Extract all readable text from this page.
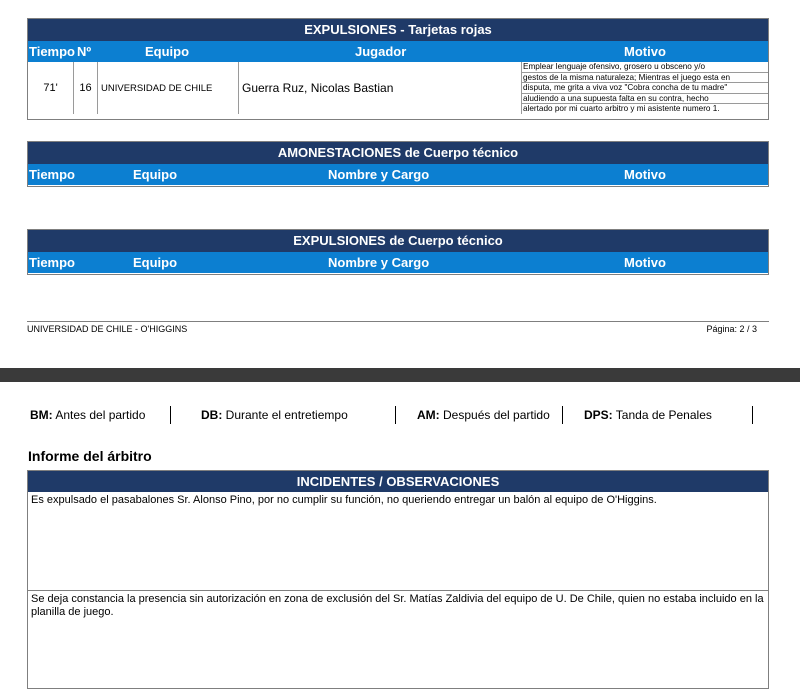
EXPULSIONES - Tarjetas rojas
Tiempo Nº	Equipo	Jugador	Motivo
71'	16 UNIVERSIDAD DE CHILE	Guerra Ruz, Nicolas Bastian
Emplear lenguaje ofensivo, grosero u obsceno y/o
gestos de la misma naturaleza; Mientras el juego esta en
disputa, me grita a viva voz "Cobra concha de tu madre"
aludiendo a una supuesta falta en su contra, hecho
alertado por mi cuarto arbitro y mi asistente numero 1.
AMONESTACIONES de Cuerpo técnico
Tiempo	Equipo	Nombre y Cargo	Motivo
EXPULSIONES de Cuerpo técnico
Tiempo	Equipo	Nombre y Cargo	Motivo
UNIVERSIDAD DE CHILE - O'HIGGINS	Página: 2 / 3
BM: Antes del partido	DB: Durante el entretiempo	AM: Después del partido	DPS: Tanda de Penales
Informe del árbitro
INCIDENTES / OBSERVACIONES
Es expulsado el pasabalones Sr. Alonso Pino, por no cumplir su función, no queriendo entregar un balón al equipo de O'Higgins.
Se deja constancia la presencia sin autorización en zona de exclusión del Sr. Matías Zaldivia del equipo de U. De Chile, quien no estaba incluido en la planilla de juego.
